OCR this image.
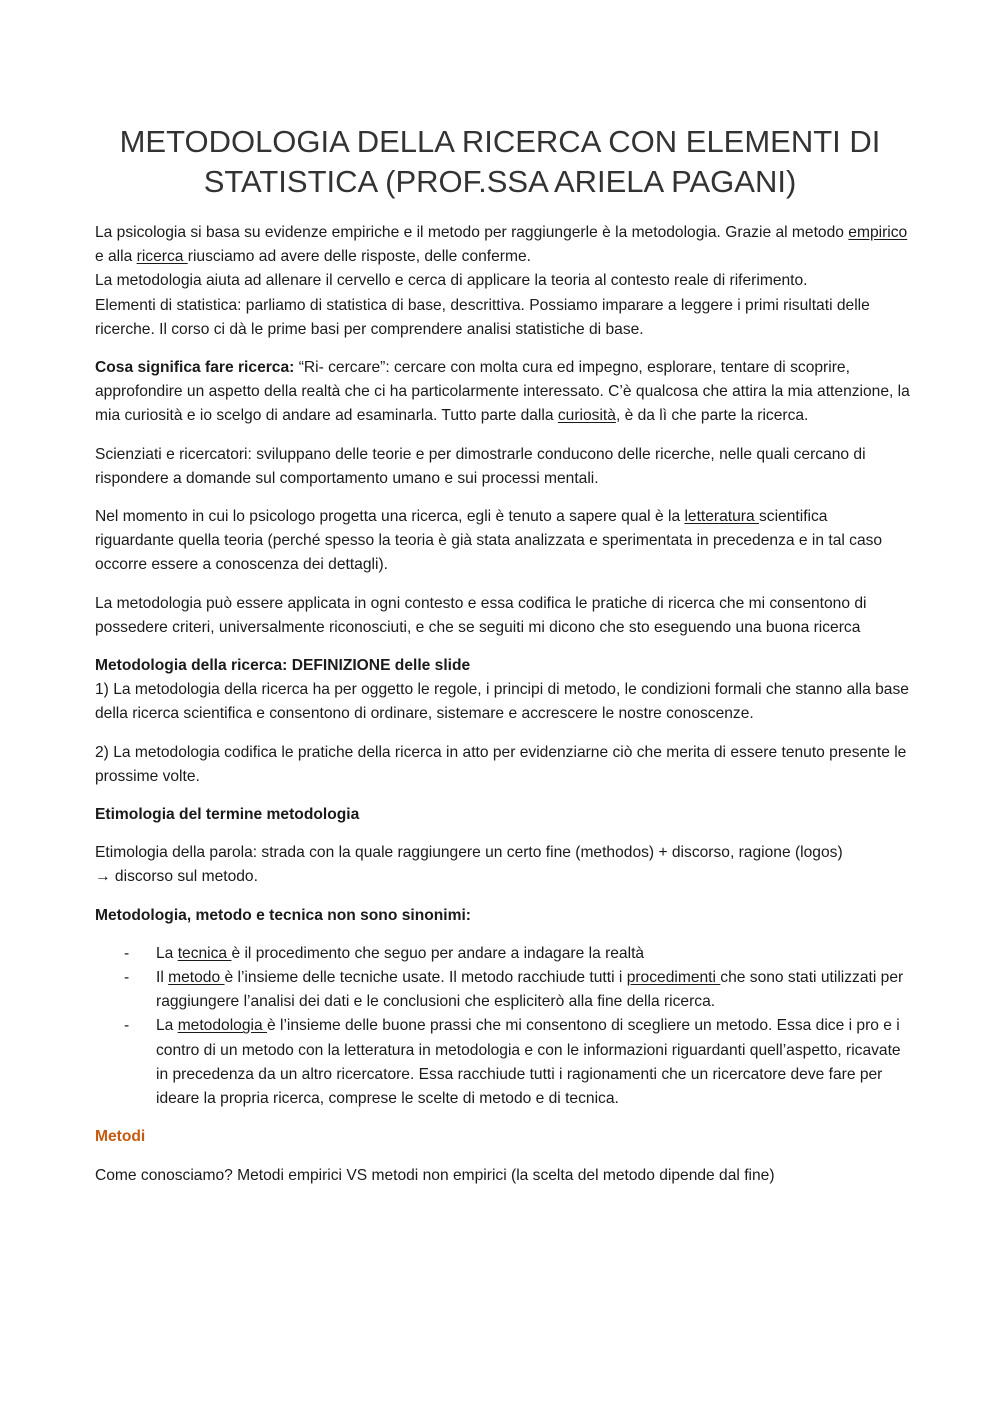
METODOLOGIA DELLA RICERCA CON ELEMENTI DI
STATISTICA (PROF.SSA ARIELA PAGANI)

La psicologia si basa su evidenze empiriche e il metodo per raggiungerle è la metodologia. Grazie al metodo empirico e alla ricerca riusciamo ad avere delle risposte, delle conferme.
La metodologia aiuta ad allenare il cervello e cerca di applicare la teoria al contesto reale di riferimento.
Elementi di statistica: parliamo di statistica di base, descrittiva. Possiamo imparare a leggere i primi risultati delle ricerche. Il corso ci dà le prime basi per comprendere analisi statistiche di base.

Cosa significa fare ricerca: “Ri- cercare”: cercare con molta cura ed impegno, esplorare, tentare di scoprire, approfondire un aspetto della realtà che ci ha particolarmente interessato. C’è qualcosa che attira la mia attenzione, la mia curiosità e io scelgo di andare ad esaminarla. Tutto parte dalla curiosità, è da lì che parte la ricerca.

Scienziati e ricercatori: sviluppano delle teorie e per dimostrarle conducono delle ricerche, nelle quali cercano di rispondere a domande sul comportamento umano e sui processi mentali.

Nel momento in cui lo psicologo progetta una ricerca, egli è tenuto a sapere qual è la letteratura scientifica riguardante quella teoria (perché spesso la teoria è già stata analizzata e sperimentata in precedenza e in tal caso occorre essere a conoscenza dei dettagli).

La metodologia può essere applicata in ogni contesto e essa codifica le pratiche di ricerca che mi consentono di possedere criteri, universalmente riconosciuti, e che se seguiti mi dicono che sto eseguendo una buona ricerca

Metodologia della ricerca: DEFINIZIONE delle slide
1) La metodologia della ricerca ha per oggetto le regole, i principi di metodo, le condizioni formali che stanno alla base della ricerca scientifica e consentono di ordinare, sistemare e accrescere le nostre conoscenze.

2) La metodologia codifica le pratiche della ricerca in atto per evidenziarne ciò che merita di essere tenuto presente le prossime volte.

Etimologia del termine metodologia

Etimologia della parola: strada con la quale raggiungere un certo fine (methodos) + discorso, ragione (logos)
→ discorso sul metodo.

Metodologia, metodo e tecnica non sono sinonimi:

- La tecnica è il procedimento che seguo per andare a indagare la realtà
- Il metodo è l’insieme delle tecniche usate. Il metodo racchiude tutti i procedimenti che sono stati utilizzati per raggiungere l’analisi dei dati e le conclusioni che esplicit​erò alla fine della ricerca.
- La metodologia è l’insieme delle buone prassi che mi consentono di scegliere un metodo. Essa dice i pro e i contro di un metodo con la letteratura in metodologia e con le informazioni riguardanti quell’aspetto, ricavate in precedenza da un altro ricercatore. Essa racchiude tutti i ragionamenti che un ricercatore deve fare per ideare la propria ricerca, comprese le scelte di metodo e di tecnica.

Metodi

Come conosciamo? Metodi empirici VS metodi non empirici (la scelta del metodo dipende dal fine)
